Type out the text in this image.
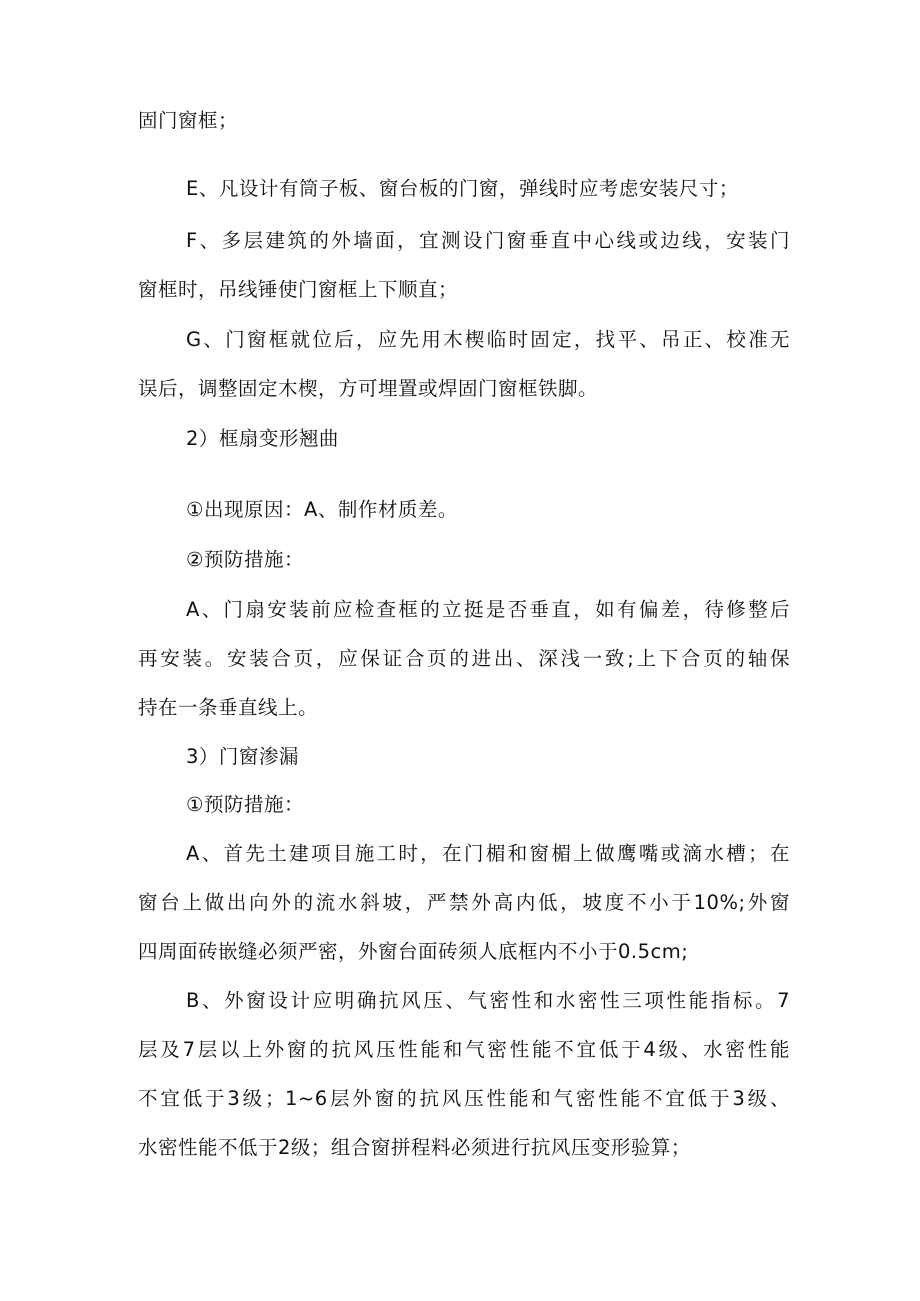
固门窗框；

E、凡设计有筒子板、窗台板的门窗，弹线时应考虑安装尺寸；

F、多层建筑的外墙面，宜测设门窗垂直中心线或边线，安装门
窗框时，吊线锤使门窗框上下顺直；

G、门窗框就位后，应先用木楔临时固定，找平、吊正、校准无
误后，调整固定木楔，方可埋置或焊固门窗框铁脚。

2）框扇变形翘曲

①出现原因：A、制作材质差。

②预防措施：

A、门扇安装前应检查框的立挺是否垂直，如有偏差，待修整后
再安装。安装合页，应保证合页的进出、深浅一致;上下合页的轴保
持在一条垂直线上。

3）门窗渗漏

①预防措施：

A、首先土建项目施工时，在门楣和窗楣上做鹰嘴或滴水槽；在
窗台上做出向外的流水斜坡，严禁外高内低，坡度不小于10%;外窗
四周面砖嵌缝必须严密，外窗台面砖须人底框内不小于0.5cm;

B、外窗设计应明确抗风压、气密性和水密性三项性能指标。7
层及7层以上外窗的抗风压性能和气密性能不宜低于4级、水密性能
不宜低于3级；1~6层外窗的抗风压性能和气密性能不宜低于3级、
水密性能不低于2级；组合窗拼程料必须进行抗风压变形验算；
